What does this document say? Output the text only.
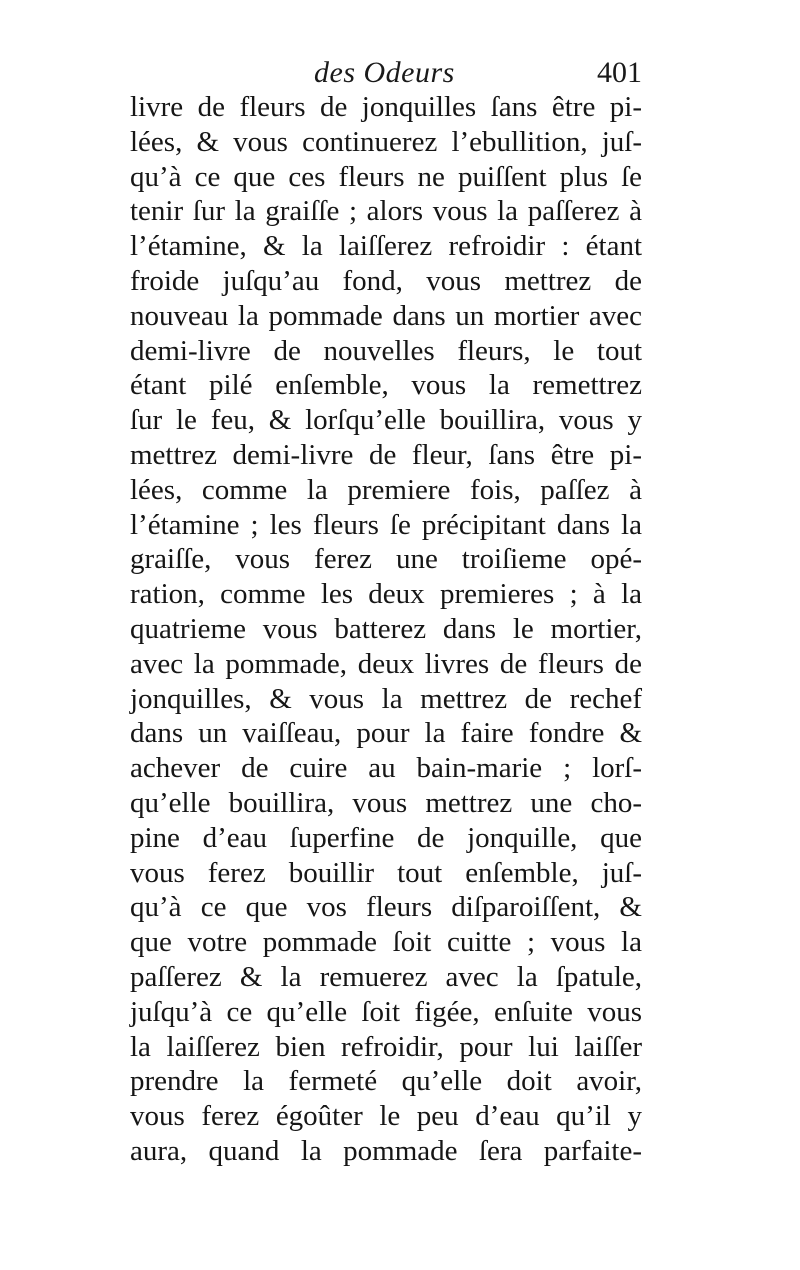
des Odeurs	401
livre de fleurs de jonquilles ſans être pi-
lées, & vous continuerez l’ebullition, juſ-
qu’à ce que ces fleurs ne puiſſent plus ſe
tenir ſur la graiſſe ; alors vous la paſſerez à
l’étamine, & la laiſſerez refroidir : étant
froide juſqu’au fond, vous mettrez de
nouveau la pommade dans un mortier avec
demi-livre de nouvelles fleurs, le tout
étant pilé enſemble, vous la remettrez
ſur le feu, & lorſqu’elle bouillira, vous y
mettrez demi-livre de fleur, ſans être pi-
lées, comme la premiere fois, paſſez à
l’étamine ; les fleurs ſe précipitant dans la
graiſſe, vous ferez une troiſieme opé-
ration, comme les deux premieres ; à la
quatrieme vous batterez dans le mortier,
avec la pommade, deux livres de fleurs de
jonquilles, & vous la mettrez de rechef
dans un vaiſſeau, pour la faire fondre &
achever de cuire au bain-marie ; lorſ-
qu’elle bouillira, vous mettrez une cho-
pine d’eau ſuperfine de jonquille, que
vous ferez bouillir tout enſemble, juſ-
qu’à ce que vos fleurs diſparoiſſent, &
que votre pommade ſoit cuitte ; vous la
paſſerez & la remuerez avec la ſpatule,
juſqu’à ce qu’elle ſoit figée, enſuite vous
la laiſſerez bien refroidir, pour lui laiſſer
prendre la fermeté qu’elle doit avoir,
vous ferez égoûter le peu d’eau qu’il y
aura, quand la pommade ſera parfaite-
